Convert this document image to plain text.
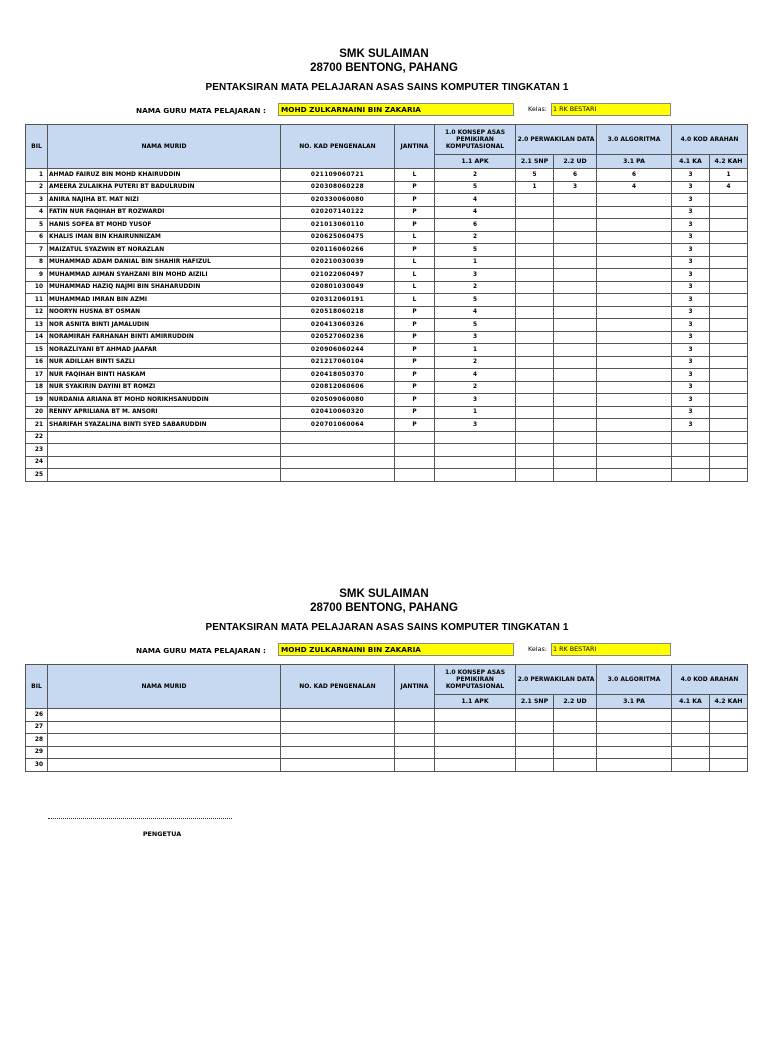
SMK SULAIMAN
28700 BENTONG, PAHANG
PENTAKSIRAN MATA PELAJARAN ASAS SAINS KOMPUTER TINGKATAN 1
NAMA GURU MATA PELAJARAN :	MOHD ZULKARNAINI BIN ZAKARIA	Kelas: 1 RK BESTARI
BIL	NAMA MURID	NO. KAD PENGENALAN	JANTINA	1.0 KONSEP ASAS PEMIKIRAN KOMPUTASIONAL	2.0 PERWAKILAN DATA		3.0 ALGORITMA	4.0 KOD ARAHAN	
				1.1 APK	2.1 SNP	2.2 UD	3.1 PA	4.1 KA	4.2 KAH
1	AHMAD FAIRUZ BIN MOHD KHAIRUDDIN	021109060721	L	2	5	6	6	3	1
2	AMEERA ZULAIKHA PUTERI BT BADULRUDIN	020308060228	P	5	1	3	4	3	4
3	ANIRA NAJIHA BT. MAT NIZI	020330060080	P	4				3	
4	FATIN NUR FAQIHAH BT ROZWARDI	020207140122	P	4				3	
5	HANIS SOFEA BT MOHD YUSOF	021013060110	P	6				3	
6	KHALIS IMAN BIN KHAIRUNNIZAM	020625060475	L	2				3	
7	MAIZATUL SYAZWIN BT NORAZLAN	020116060266	P	5				3	
8	MUHAMMAD ADAM DANIAL BIN SHAHIR HAFIZUL	020210030039	L	1				3	
9	MUHAMMAD AIMAN SYAHZANI BIN MOHD AIZILI	021022060497	L	3				3	
10	MUHAMMAD HAZIQ NAJMI BIN SHAHARUDDIN	020801030049	L	2				3	
11	MUHAMMAD IMRAN BIN AZMI	020312060191	L	5				3	
12	NOORYN HUSNA BT OSMAN	020518060218	P	4				3	
13	NOR ASNITA BINTI JAMALUDIN	020413060326	P	5				3	
14	NORAMIRAH FARHANAH BINTI AMIRRUDDIN	020527060236	P	3				3	
15	NORAZLIYANI BT AHMAD JAAFAR	020906060244	P	1				3	
16	NUR ADILLAH BINTI SAZLI	021217060104	P	2				3	
17	NUR FAQIHAH BINTI HASKAM	020418050370	P	4				3	
18	NUR SYAKIRIN DAYINI BT ROMZI	020812060606	P	2				3	
19	NURDANIA ARIANA BT MOHD NORIKHSANUDDIN	020509060080	P	3				3	
20	RENNY APRILIANA BT M. ANSORI	020410060320	P	1				3	
21	SHARIFAH SYAZALINA BINTI SYED SABARUDDIN	020701060064	P	3				3	
22									
23									
24									
25									
SMK SULAIMAN
28700 BENTONG, PAHANG
PENTAKSIRAN MATA PELAJARAN ASAS SAINS KOMPUTER TINGKATAN 1
NAMA GURU MATA PELAJARAN :	MOHD ZULKARNAINI BIN ZAKARIA	Kelas: 1 RK BESTARI
BIL	NAMA MURID	NO. KAD PENGENALAN	JANTINA	1.0 KONSEP ASAS PEMIKIRAN KOMPUTASIONAL	2.0 PERWAKILAN DATA		3.0 ALGORITMA	4.0 KOD ARAHAN	
				1.1 APK	2.1 SNP	2.2 UD	3.1 PA	4.1 KA	4.2 KAH
26									
27									
28									
29									
30									
PENGETUA
